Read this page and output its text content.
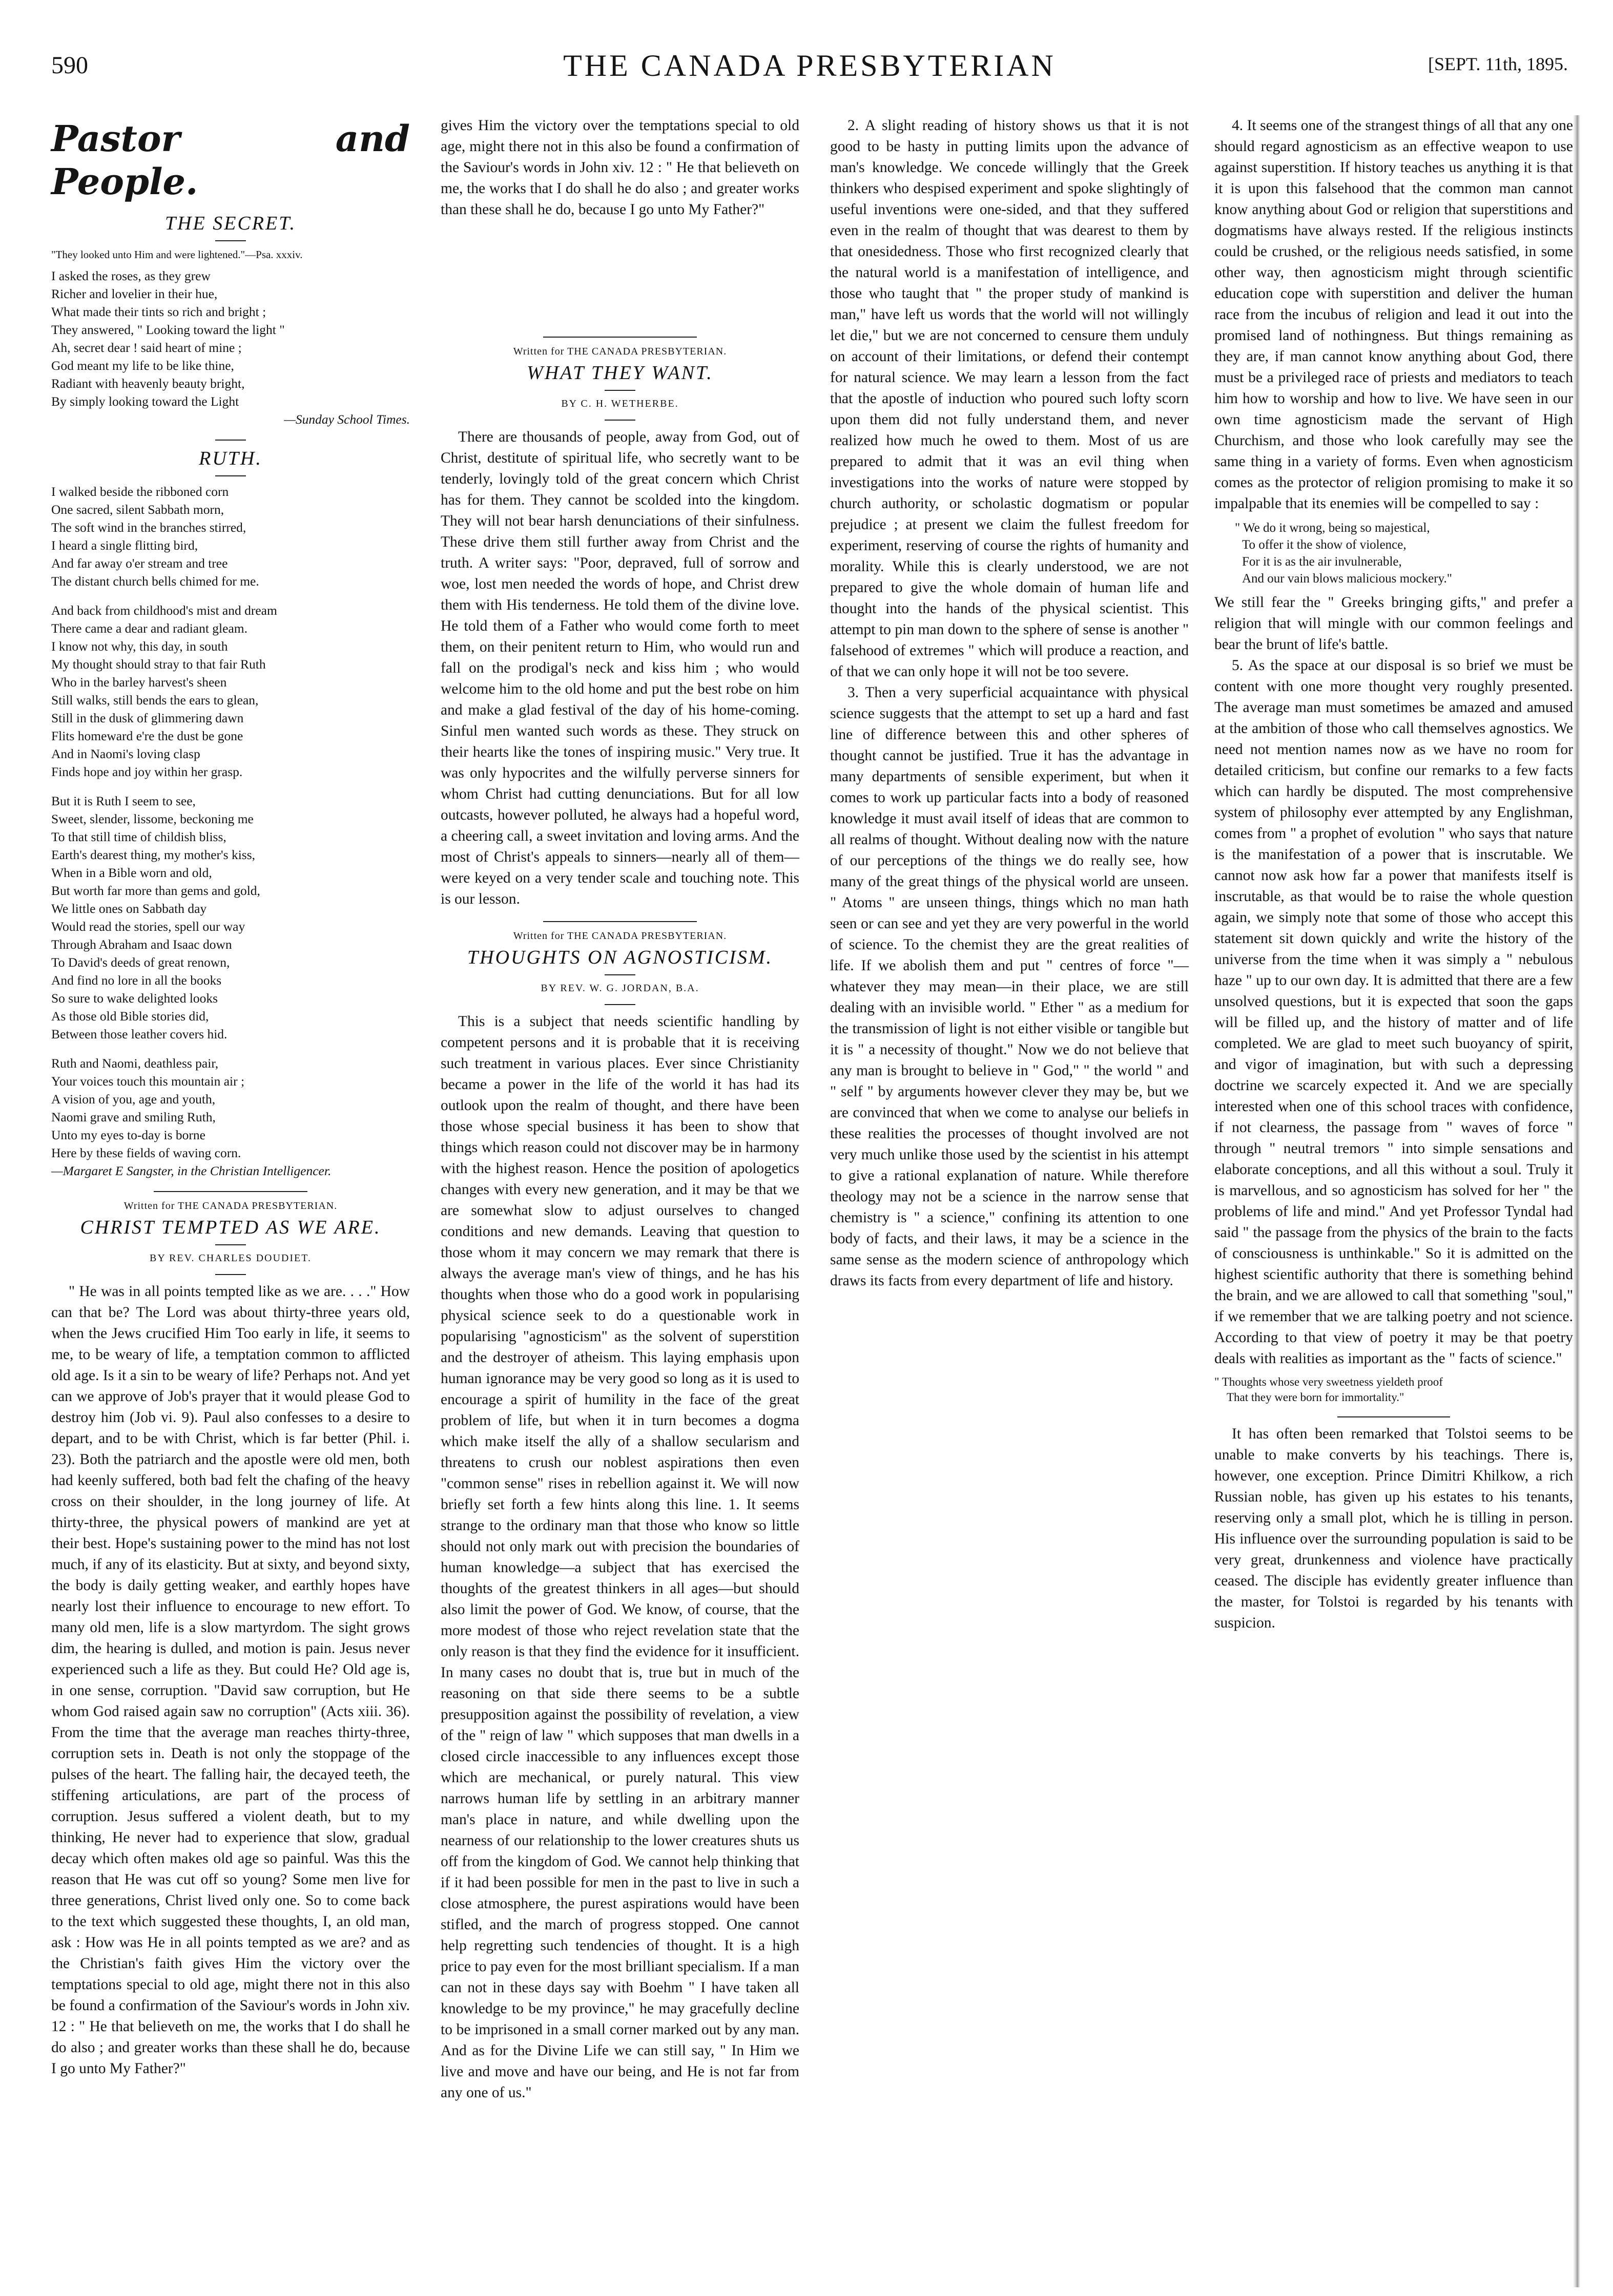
590	THE CANADA PRESBYTERIAN	[SEPT. 11th, 1895.
Pastor and People.
THE SECRET.
"They looked unto Him and were lightened."—Psa. xxxiv.
I asked the roses, as they grew
Richer and lovelier in their hue,
What made their tints so rich and bright ;
They answered, " Looking toward the light "
Ah, secret dear ! said heart of mine ;
God meant my life to be like thine,
Radiant with heavenly beauty bright,
By simply looking toward the Light
—Sunday School Times.
RUTH.
I walked beside the ribboned corn
One sacred, silent Sabbath morn,
The soft wind in the branches stirred,
I heard a single flitting bird,
And far away o'er stream and tree
The distant church bells chimed for me.
And back from childhood's mist and dream
There came a dear and radiant gleam.
I know not why, this day, in south
My thought should stray to that fair Ruth
Who in the barley harvest's sheen
Still walks, still bends the ears to glean,
Still in the dusk of glimmering dawn
Flits homeward e're the dust be gone
And in Naomi's loving clasp
Finds hope and joy within her grasp.
But it is Ruth I seem to see,
Sweet, slender, lissome, beckoning me
To that still time of childish bliss,
Earth's dearest thing, my mother's kiss,
When in a Bible worn and old,
But worth far more than gems and gold,
We little ones on Sabbath day
Would read the stories, spell our way
Through Abraham and Isaac down
To David's deeds of great renown,
And find no lore in all the books
So sure to wake delighted looks
As those old Bible stories did,
Between those leather covers hid.
Ruth and Naomi, deathless pair,
Your voices touch this mountain air ;
A vision of you, age and youth,
Naomi grave and smiling Ruth,
Unto my eyes to-day is borne
Here by these fields of waving corn.
—Margaret E Sangster, in the Christian Intelligencer.
Written for THE CANADA PRESBYTERIAN.
CHRIST TEMPTED AS WE ARE.
BY REV. CHARLES DOUDIET.

" He was in all points tempted like as we are. . . ." How can that be? The Lord was about thirty-three years old, when the Jews crucified Him Too early in life, it seems to me, to be weary of life, a temptation common to afflicted old age. Is it a sin to be weary of life? Perhaps not. And yet can we approve of Job's prayer that it would please God to destroy him (Job vi. 9). Paul also confesses to a desire to depart, and to be with Christ, which is far better (Phil. i. 23). Both the patriarch and the apostle were old men, both had keenly suffered, both bad felt the chafing of the heavy cross on their shoulder, in the long journey of life. At thirty-three, the physical powers of mankind are yet at their best. Hope's sustaining power to the mind has not lost much, if any of its elasticity. But at sixty, and beyond sixty, the body is daily getting weaker, and earthly hopes have nearly lost their influence to encourage to new effort. To many old men, life is a slow martyrdom. The sight grows dim, the hearing is dulled, and motion is pain. Jesus never experienced such a life as they. But could He? Old age is, in one sense, corruption. "David saw corruption, but He whom God raised again saw no corruption" (Acts xiii. 36). From the time that the average man reaches thirty-three, corruption sets in. Death is not only the stoppage of the pulses of the heart. The falling hair, the decayed teeth, the stiffening articulations, are part of the process of corruption. Jesus suffered a violent death, but to my thinking, He never had to experience that slow, gradual decay which often makes old age so painful. Was this the reason that He was cut off so young? Some men live for three generations, Christ lived only one. So to come back to the text which suggested these thoughts, I, an old man, ask : How was He in all points tempted as we are? and as the Christian's faith gives Him the victory over the temptations special to old age, might there not in this also be found a confirmation of the Saviour's words in John xiv. 12 : " He that believeth on me, the works that I do shall he do also ; and greater works than these shall he do, because I go unto My Father?"

gives Him the victory over the temptations special to old age, might there not in this also be found a confirmation of the Saviour's words in John xiv. 12 : " He that believeth on me, the works that I do shall he do also ; and greater works than these shall he do, because I go unto My Father?"

Written for THE CANADA PRESBYTERIAN.
WHAT THEY WANT.
BY C. H. WETHERBE.

There are thousands of people, away from God, out of Christ, destitute of spiritual life, who secretly want to be tenderly, lovingly told of the great concern which Christ has for them. They cannot be scolded into the kingdom. They will not bear harsh denunciations of their sinfulness. These drive them still further away from Christ and the truth. A writer says: "Poor, depraved, full of sorrow and woe, lost men needed the words of hope, and Christ drew them with His tenderness. He told them of the divine love. He told them of a Father who would come forth to meet them, on their penitent return to Him, who would run and fall on the prodigal's neck and kiss him ; who would welcome him to the old home and put the best robe on him and make a glad festival of the day of his home-coming. Sinful men wanted such words as these. They struck on their hearts like the tones of inspiring music." Very true. It was only hypocrites and the wilfully perverse sinners for whom Christ had cutting denunciations. But for all low outcasts, however polluted, he always had a hopeful word, a cheering call, a sweet invitation and loving arms. And the most of Christ's appeals to sinners—nearly all of them—were keyed on a very tender scale and touching note. This is our lesson.

Written for THE CANADA PRESBYTERIAN.
THOUGHTS ON AGNOSTICISM.
BY REV. W. G. JORDAN, B.A.

This is a subject that needs scientific handling by competent persons and it is probable that it is receiving such treatment in various places. Ever since Christianity became a power in the life of the world it has had its outlook upon the realm of thought, and there have been those whose special business it has been to show that things which reason could not discover may be in harmony with the highest reason. Hence the position of apologetics changes with every new generation, and it may be that we are somewhat slow to adjust ourselves to changed conditions and new demands. Leaving that question to those whom it may concern we may remark that there is always the average man's view of things, and he has his thoughts when those who do a good work in popularising physical science seek to do a questionable work in popularising "agnosticism" as the solvent of superstition and the destroyer of atheism. This laying emphasis upon human ignorance may be very good so long as it is used to encourage a spirit of humility in the face of the great problem of life, but when it in turn becomes a dogma which make itself the ally of a shallow secularism and threatens to crush our noblest aspirations then even "common sense" rises in rebellion against it. We will now briefly set forth a few hints along this line. 1. It seems strange to the ordinary man that those who know so little should not only mark out with precision the boundaries of human knowledge—a subject that has exercised the thoughts of the greatest thinkers in all ages—but should also limit the power of God. We know, of course, that the more modest of those who reject revelation state that the only reason is that they find the evidence for it insufficient. In many cases no doubt that is, true but in much of the reasoning on that side there seems to be a subtle presupposition against the possibility of revelation, a view of the " reign of law " which supposes that man dwells in a closed circle inaccessible to any influences except those which are mechanical, or purely natural. This view narrows human life by settling in an arbitrary manner man's place in nature, and while dwelling upon the nearness of our relationship to the lower creatures shuts us off from the kingdom of God. We cannot help thinking that if it had been possible for men in the past to live in such a close atmosphere, the purest aspirations would have been stifled, and the march of progress stopped. One cannot help regretting such tendencies of thought. It is a high price to pay even for the most brilliant specialism. If a man can not in these days say with Boehm " I have taken all knowledge to be my province," he may gracefully decline to be imprisoned in a small corner marked out by any man. And as for the Divine Life we can still say, " In Him we live and move and have our being, and He is not far from any one of us."

2. A slight reading of history shows us that it is not good to be hasty in putting limits upon the advance of man's knowledge. We concede willingly that the Greek thinkers who despised experiment and spoke slightingly of useful inventions were one-sided, and that they suffered even in the realm of thought that was dearest to them by that onesidedness. Those who first recognized clearly that the natural world is a manifestation of intelligence, and those who taught that " the proper study of mankind is man," have left us words that the world will not willingly let die," but we are not concerned to censure them unduly on account of their limitations, or defend their contempt for natural science. We may learn a lesson from the fact that the apostle of induction who poured such lofty scorn upon them did not fully understand them, and never realized how much he owed to them. Most of us are prepared to admit that it was an evil thing when investigations into the works of nature were stopped by church authority, or scholastic dogmatism or popular prejudice ; at present we claim the fullest freedom for experiment, reserving of course the rights of humanity and morality. While this is clearly understood, we are not prepared to give the whole domain of human life and thought into the hands of the physical scientist. This attempt to pin man down to the sphere of sense is another " falsehood of extremes " which will produce a reaction, and of that we can only hope it will not be too severe.

3. Then a very superficial acquaintance with physical science suggests that the attempt to set up a hard and fast line of difference between this and other spheres of thought cannot be justified. True it has the advantage in many departments of sensible experiment, but when it comes to work up particular facts into a body of reasoned knowledge it must avail itself of ideas that are common to all realms of thought. Without dealing now with the nature of our perceptions of the things we do really see, how many of the great things of the physical world are unseen. " Atoms " are unseen things, things which no man hath seen or can see and yet they are very powerful in the world of science. To the chemist they are the great realities of life. If we abolish them and put " centres of force "—whatever they may mean—in their place, we are still dealing with an invisible world. " Ether " as a medium for the transmission of light is not either visible or tangible but it is " a necessity of thought." Now we do not believe that any man is brought to believe in " God," " the world " and " self " by arguments however clever they may be, but we are convinced that when we come to analyse our beliefs in these realities the processes of thought involved are not very much unlike those used by the scientist in his attempt to give a rational explanation of nature. While therefore theology may not be a science in the narrow sense that chemistry is " a science," confining its attention to one body of facts, and their laws, it may be a science in the same sense as the modern science of anthropology which draws its facts from every department of life and history.

4. It seems one of the strangest things of all that any one should regard agnosticism as an effective weapon to use against superstition. If history teaches us anything it is that it is upon this falsehood that the common man cannot know anything about God or religion that superstitions and dogmatisms have always rested. If the religious instincts could be crushed, or the religious needs satisfied, in some other way, then agnosticism might through scientific education cope with superstition and deliver the human race from the incubus of religion and lead it out into the promised land of nothingness. But things remaining as they are, if man cannot know anything about God, there must be a privileged race of priests and mediators to teach him how to worship and how to live. We have seen in our own time agnosticism made the servant of High Churchism, and those who look carefully may see the same thing in a variety of forms. Even when agnosticism comes as the protector of religion promising to make it so impalpable that its enemies will be compelled to say :

" We do it wrong, being so majestical,
To offer it the show of violence,
For it is as the air invulnerable,
And our vain blows malicious mockery."

We still fear the " Greeks bringing gifts," and prefer a religion that will mingle with our common feelings and bear the brunt of life's battle.

5. As the space at our disposal is so brief we must be content with one more thought very roughly presented. The average man must sometimes be amazed and amused at the ambition of those who call themselves agnostics. We need not mention names now as we have no room for detailed criticism, but confine our remarks to a few facts which can hardly be disputed. The most comprehensive system of philosophy ever attempted by any Englishman, comes from " a prophet of evolution " who says that nature is the manifestation of a power that is inscrutable. We cannot now ask how far a power that manifests itself is inscrutable, as that would be to raise the whole question again, we simply note that some of those who accept this statement sit down quickly and write the history of the universe from the time when it was simply a " nebulous haze " up to our own day. It is admitted that there are a few unsolved questions, but it is expected that soon the gaps will be filled up, and the history of matter and of life completed. We are glad to meet such buoyancy of spirit, and vigor of imagination, but with such a depressing doctrine we scarcely expected it. And we are specially interested when one of this school traces with confidence, if not clearness, the passage from " waves of force " through " neutral tremors " into simple sensations and elaborate conceptions, and all this without a soul. Truly it is marvellous, and so agnosticism has solved for her " the problems of life and mind." And yet Professor Tyndal had said " the passage from the physics of the brain to the facts of consciousness is unthinkable." So it is admitted on the highest scientific authority that there is something behind the brain, and we are allowed to call that something "soul," if we remember that we are talking poetry and not science. According to that view of poetry it may be that poetry deals with realities as important as the " facts of science."

" Thoughts whose very sweetness yieldeth proof
That they were born for immortality."

It has often been remarked that Tolstoi seems to be unable to make converts by his teachings. There is, however, one exception. Prince Dimitri Khilkow, a rich Russian noble, has given up his estates to his tenants, reserving only a small plot, which he is tilling in person. His influence over the surrounding population is said to be very great, drunkenness and violence have practically ceased. The disciple has evidently greater influence than the master, for Tolstoi is regarded by his tenants with suspicion.
